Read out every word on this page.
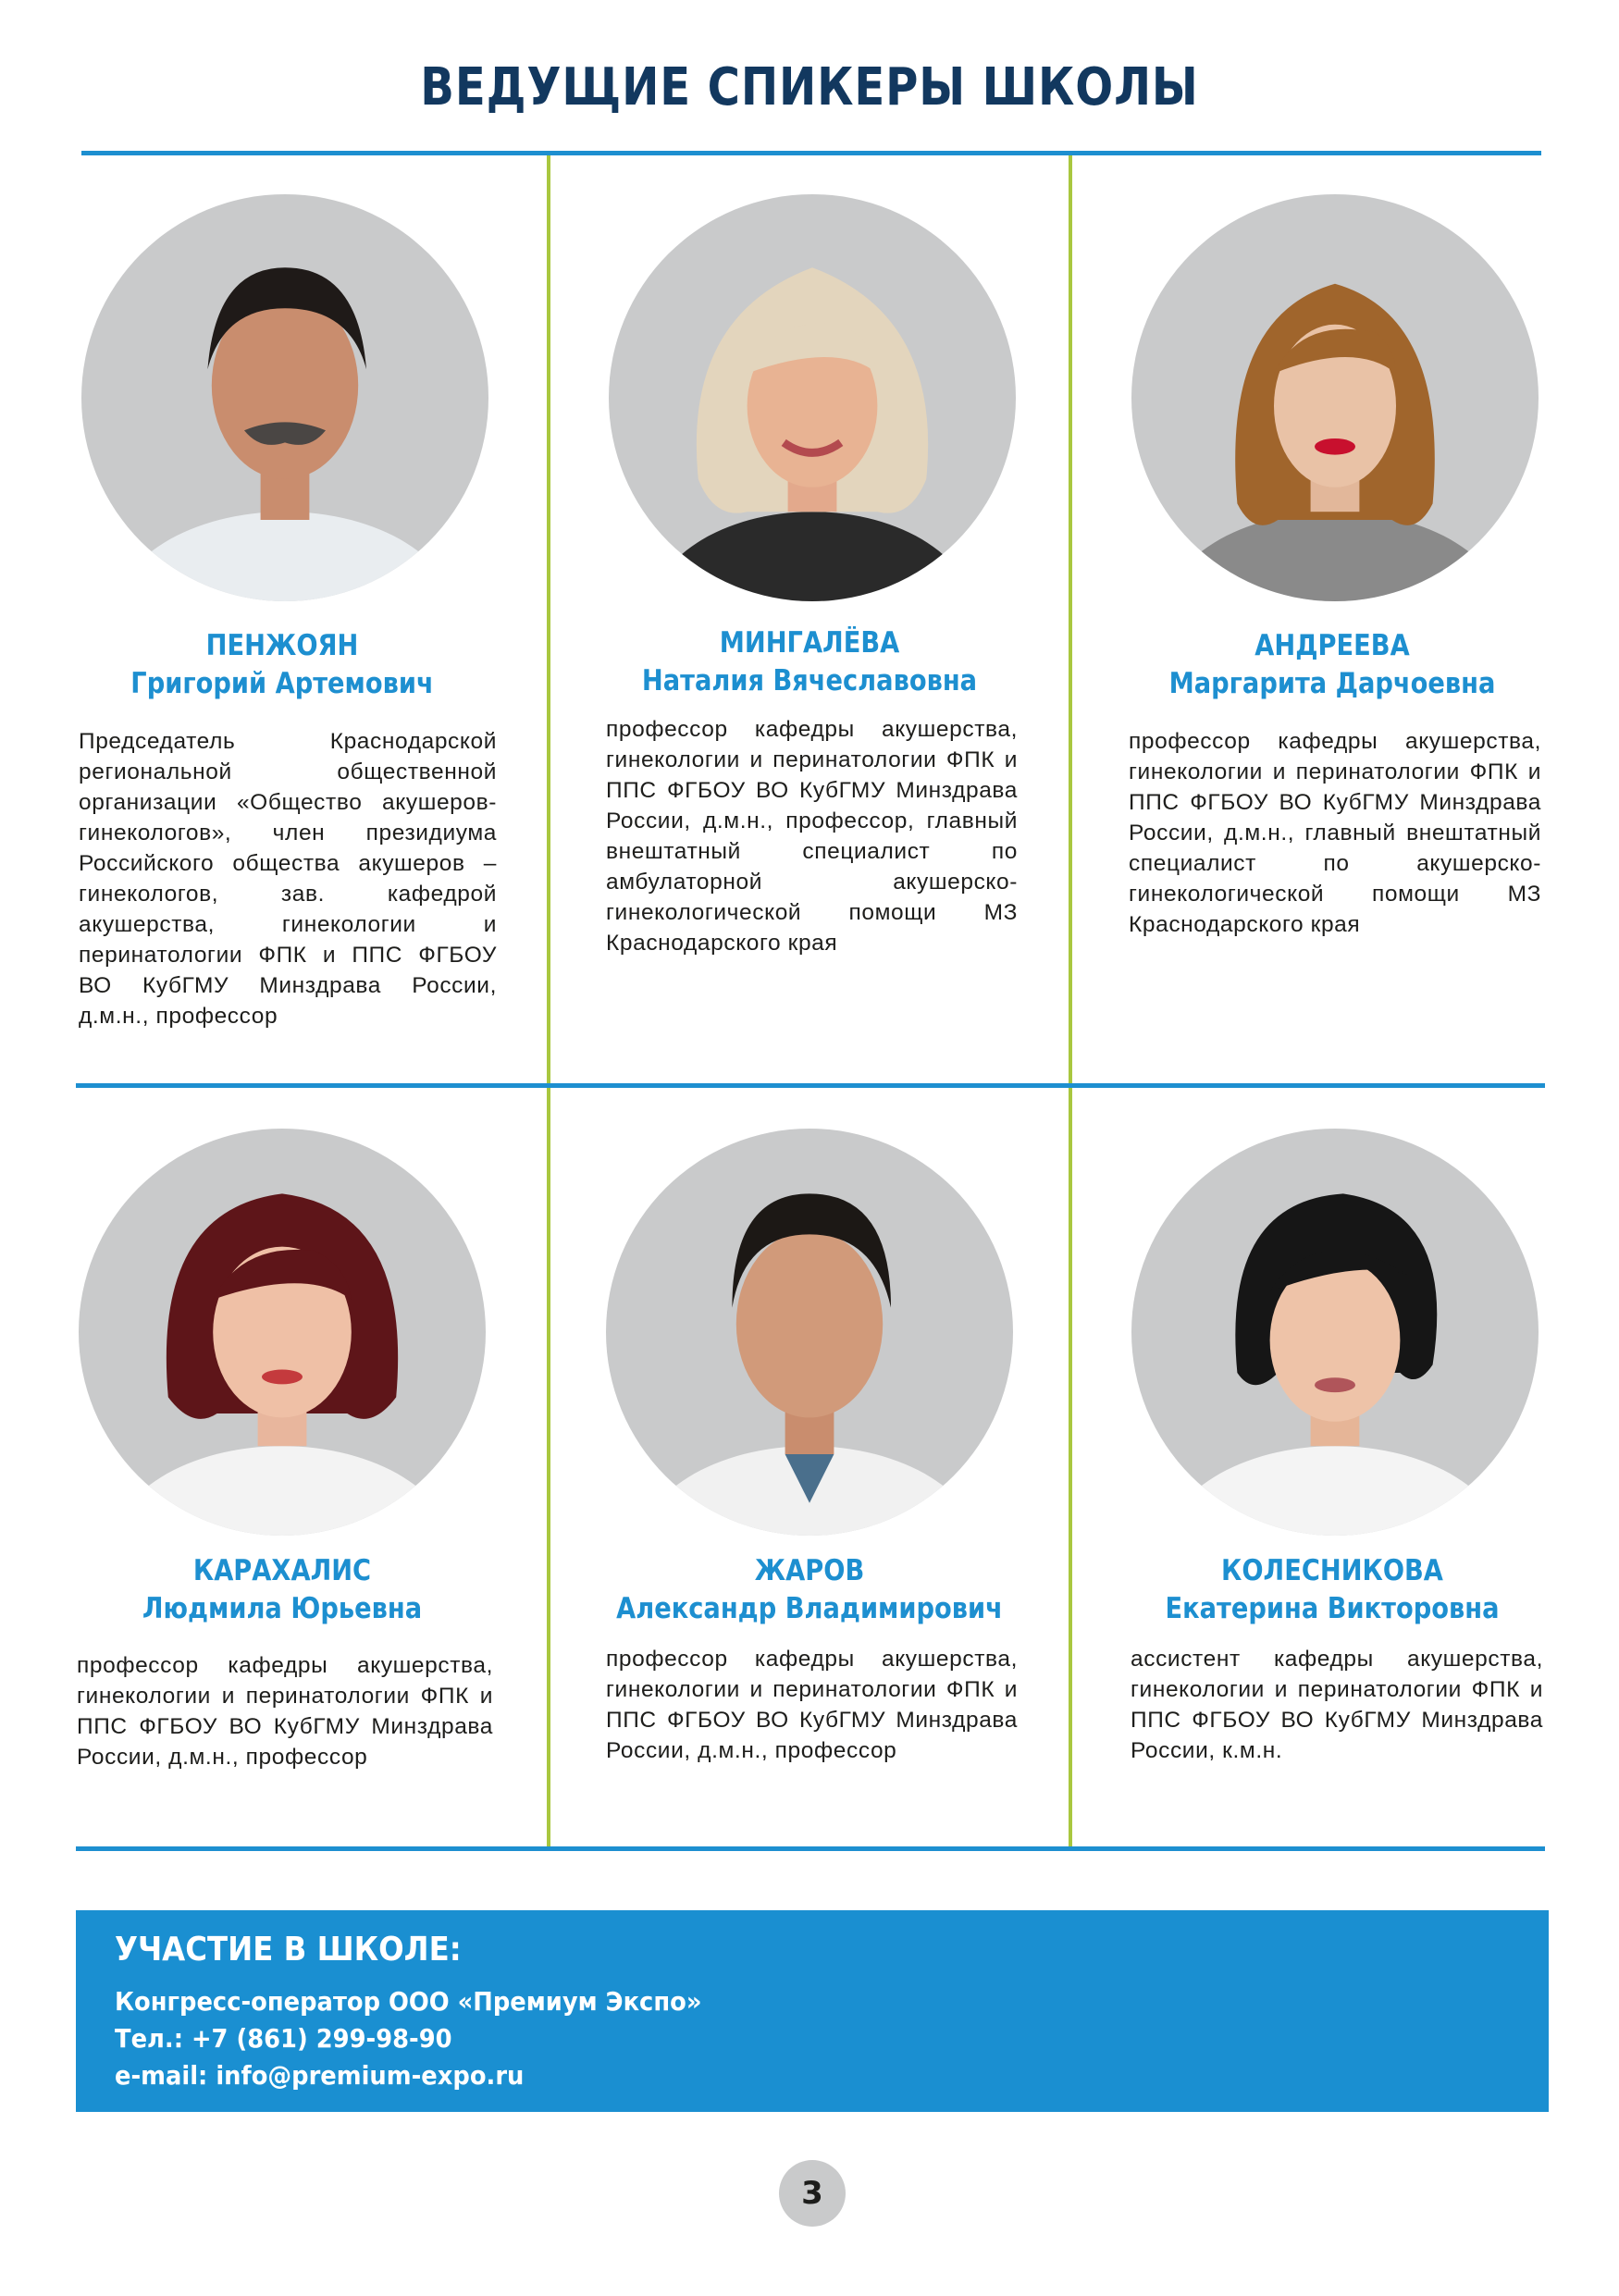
ВЕДУЩИЕ СПИКЕРЫ ШКОЛЫ
ПЕНЖОЯН
Григорий Артемович
Председатель Краснодарской региональной общественной организации «Общество акушеров-гинекологов», член президиума Российского общества акушеров – гинекологов, зав. кафедрой акушерства, гинекологии и перинатологии ФПК и ППС ФГБОУ ВО КубГМУ Минздрава России, д.м.н., профессор
МИНГАЛЁВА
Наталия Вячеславовна
профессор кафедры акушерства, гинекологии и перинатологии ФПК и ППС ФГБОУ ВО КубГМУ Минздрава России, д.м.н., профессор, главный внештатный специалист по амбулаторной акушерско-гинекологической помощи МЗ Краснодарского края
АНДРЕЕВА
Маргарита Дарчоевна
профессор кафедры акушерства, гинекологии и перинатологии ФПК и ППС ФГБОУ ВО КубГМУ Минздрава России, д.м.н., главный внештатный специалист по акушерско-гинекологической помощи МЗ Краснодарского края
КАРАХАЛИС
Людмила Юрьевна
профессор кафедры акушерства, гинекологии и перинатологии ФПК и ППС ФГБОУ ВО КубГМУ Минздрава России, д.м.н., профессор
ЖАРОВ
Александр Владимирович
профессор кафедры акушерства, гинекологии и перинатологии ФПК и ППС ФГБОУ ВО КубГМУ Минздрава России, д.м.н., профессор
КОЛЕСНИКОВА
Екатерина Викторовна
ассистент кафедры акушерства, гинекологии и перинатологии ФПК и ППС ФГБОУ ВО КубГМУ Минздрава России, к.м.н.
УЧАСТИЕ В ШКОЛЕ:
Конгресс-оператор ООО «Премиум Экспо»
Тел.: +7 (861) 299-98-90
e-mail: info@premium-expo.ru
3
